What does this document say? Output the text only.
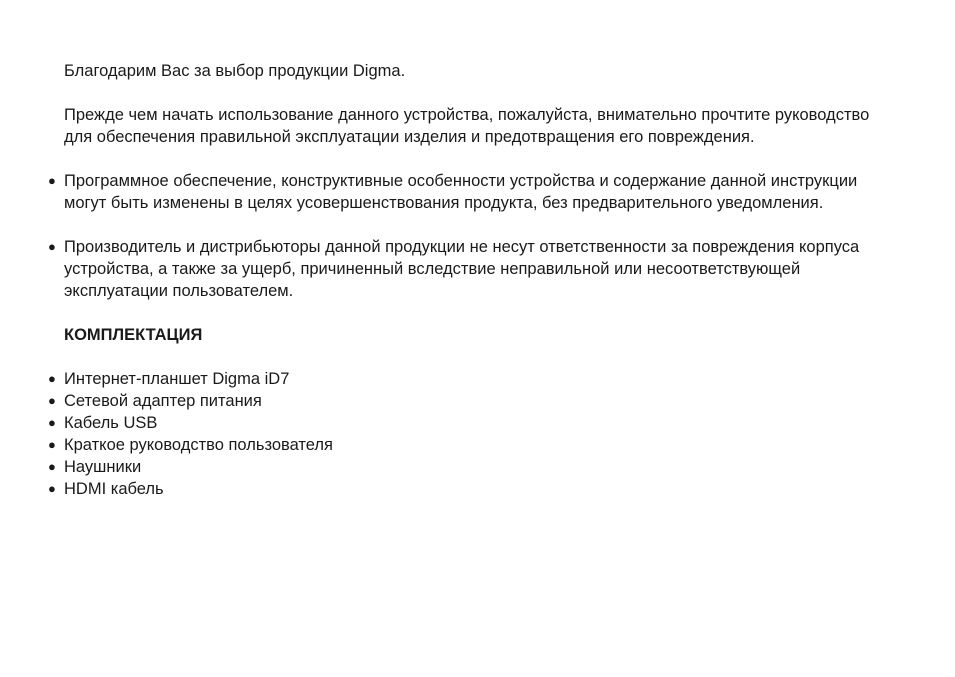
Благодарим Вас за выбор продукции Digma.

Прежде чем начать использование данного устройства, пожалуйста, внимательно прочтите руководство для обеспечения правильной эксплуатации изделия и предотвращения его повреждения.

● Программное обеспечение, конструктивные особенности устройства и содержание данной инструкции могут быть изменены в целях усовершенствования продукта, без предварительного уведомления.
● Производитель и дистрибьюторы данной продукции не несут ответственности за повреждения корпуса устройства, а также за ущерб, причиненный вследствие неправильной или несоответствующей эксплуатации пользователем.

КОМПЛЕКТАЦИЯ

● Интернет-планшет Digma iD7
● Сетевой адаптер питания
● Кабель USB
● Краткое руководство пользователя
● Наушники
● HDMI кабель
